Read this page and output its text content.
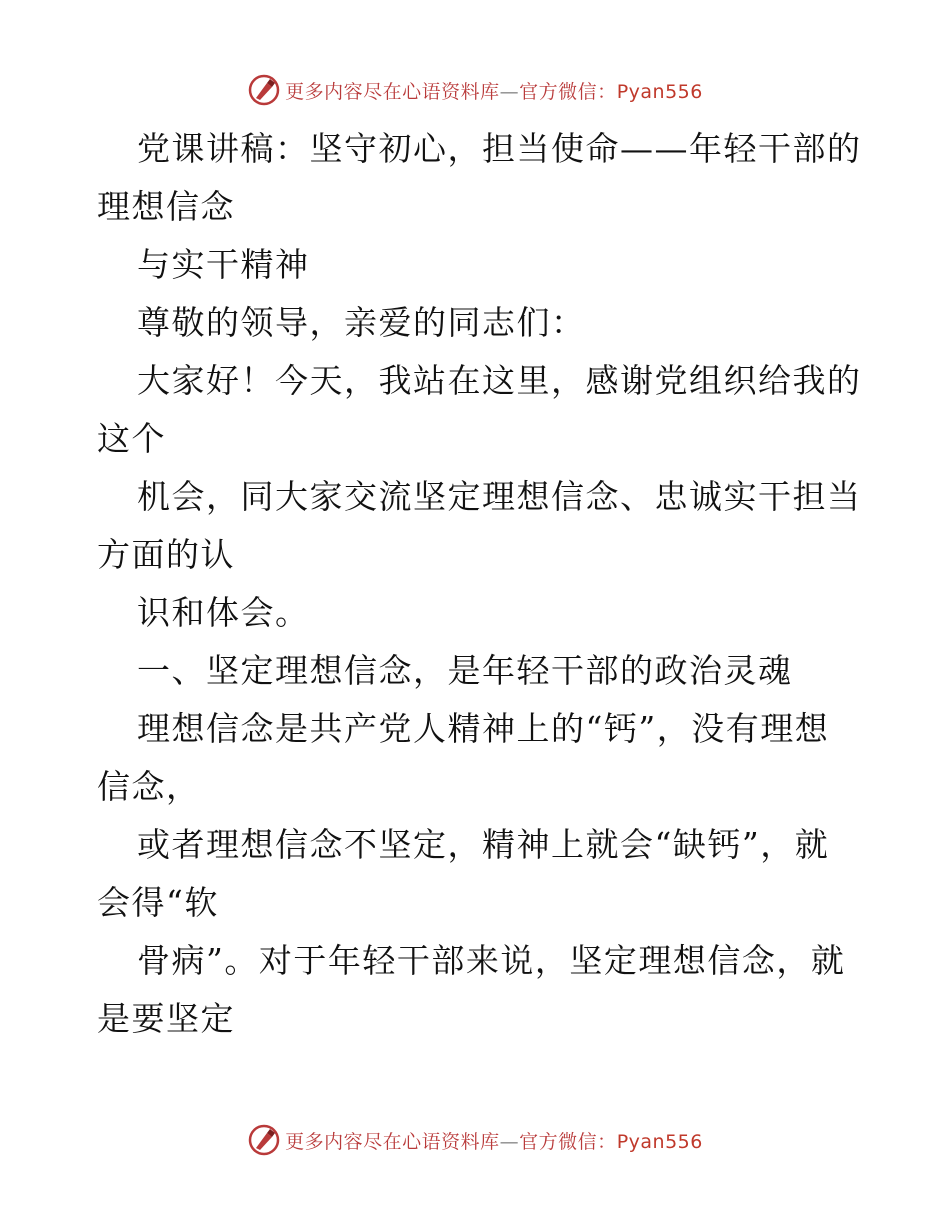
更多内容尽在心语资料库—官方微信：Pyan556
党课讲稿：坚守初心，担当使命——年轻干部的
理想信念
与实干精神
尊敬的领导，亲爱的同志们：
大家好！今天，我站在这里，感谢党组织给我的
这个
机会，同大家交流坚定理想信念、忠诚实干担当
方面的认
识和体会。
一、坚定理想信念，是年轻干部的政治灵魂
理想信念是共产党人精神上的“钙”，没有理想
信念，
或者理想信念不坚定，精神上就会“缺钙”，就
会得“软
骨病”。对于年轻干部来说，坚定理想信念，就
是要坚定
更多内容尽在心语资料库—官方微信：Pyan556
